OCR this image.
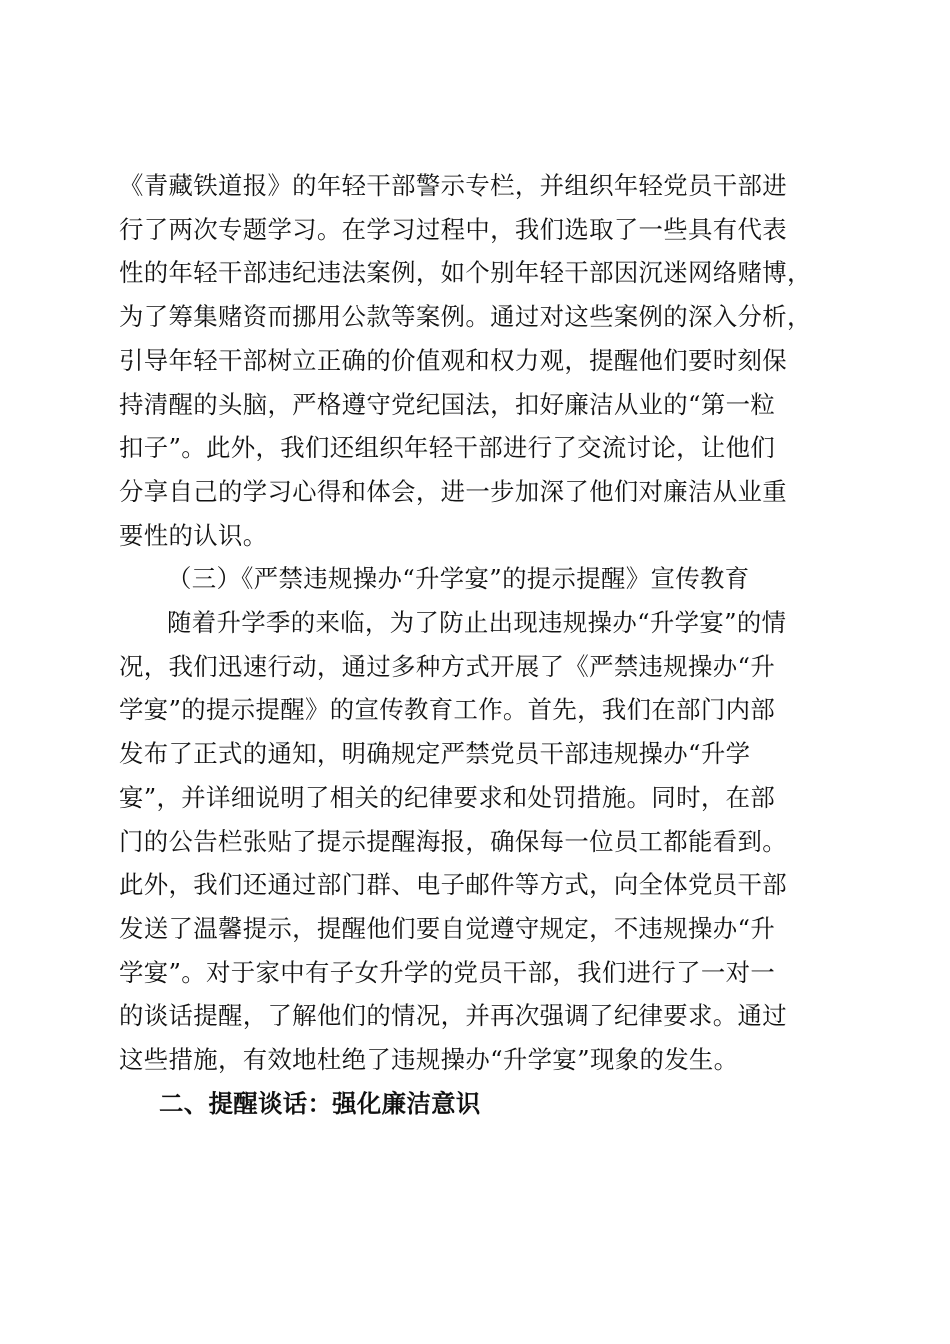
《青藏铁道报》的年轻干部警示专栏，并组织年轻党员干部进
行了两次专题学习。在学习过程中，我们选取了一些具有代表
性的年轻干部违纪违法案例，如个别年轻干部因沉迷网络赌博，
为了筹集赌资而挪用公款等案例。通过对这些案例的深入分析，
引导年轻干部树立正确的价值观和权力观，提醒他们要时刻保
持清醒的头脑，严格遵守党纪国法，扣好廉洁从业的“第一粒
扣子”。此外，我们还组织年轻干部进行了交流讨论，让他们
分享自己的学习心得和体会，进一步加深了他们对廉洁从业重
要性的认识。
（三）《严禁违规操办“升学宴”的提示提醒》宣传教育
随着升学季的来临，为了防止出现违规操办“升学宴”的情
况，我们迅速行动，通过多种方式开展了《严禁违规操办“升
学宴”的提示提醒》的宣传教育工作。首先，我们在部门内部
发布了正式的通知，明确规定严禁党员干部违规操办“升学
宴”，并详细说明了相关的纪律要求和处罚措施。同时，在部
门的公告栏张贴了提示提醒海报，确保每一位员工都能看到。
此外，我们还通过部门群、电子邮件等方式，向全体党员干部
发送了温馨提示，提醒他们要自觉遵守规定，不违规操办“升
学宴”。对于家中有子女升学的党员干部，我们进行了一对一
的谈话提醒，了解他们的情况，并再次强调了纪律要求。通过
这些措施，有效地杜绝了违规操办“升学宴”现象的发生。
二、提醒谈话：强化廉洁意识
